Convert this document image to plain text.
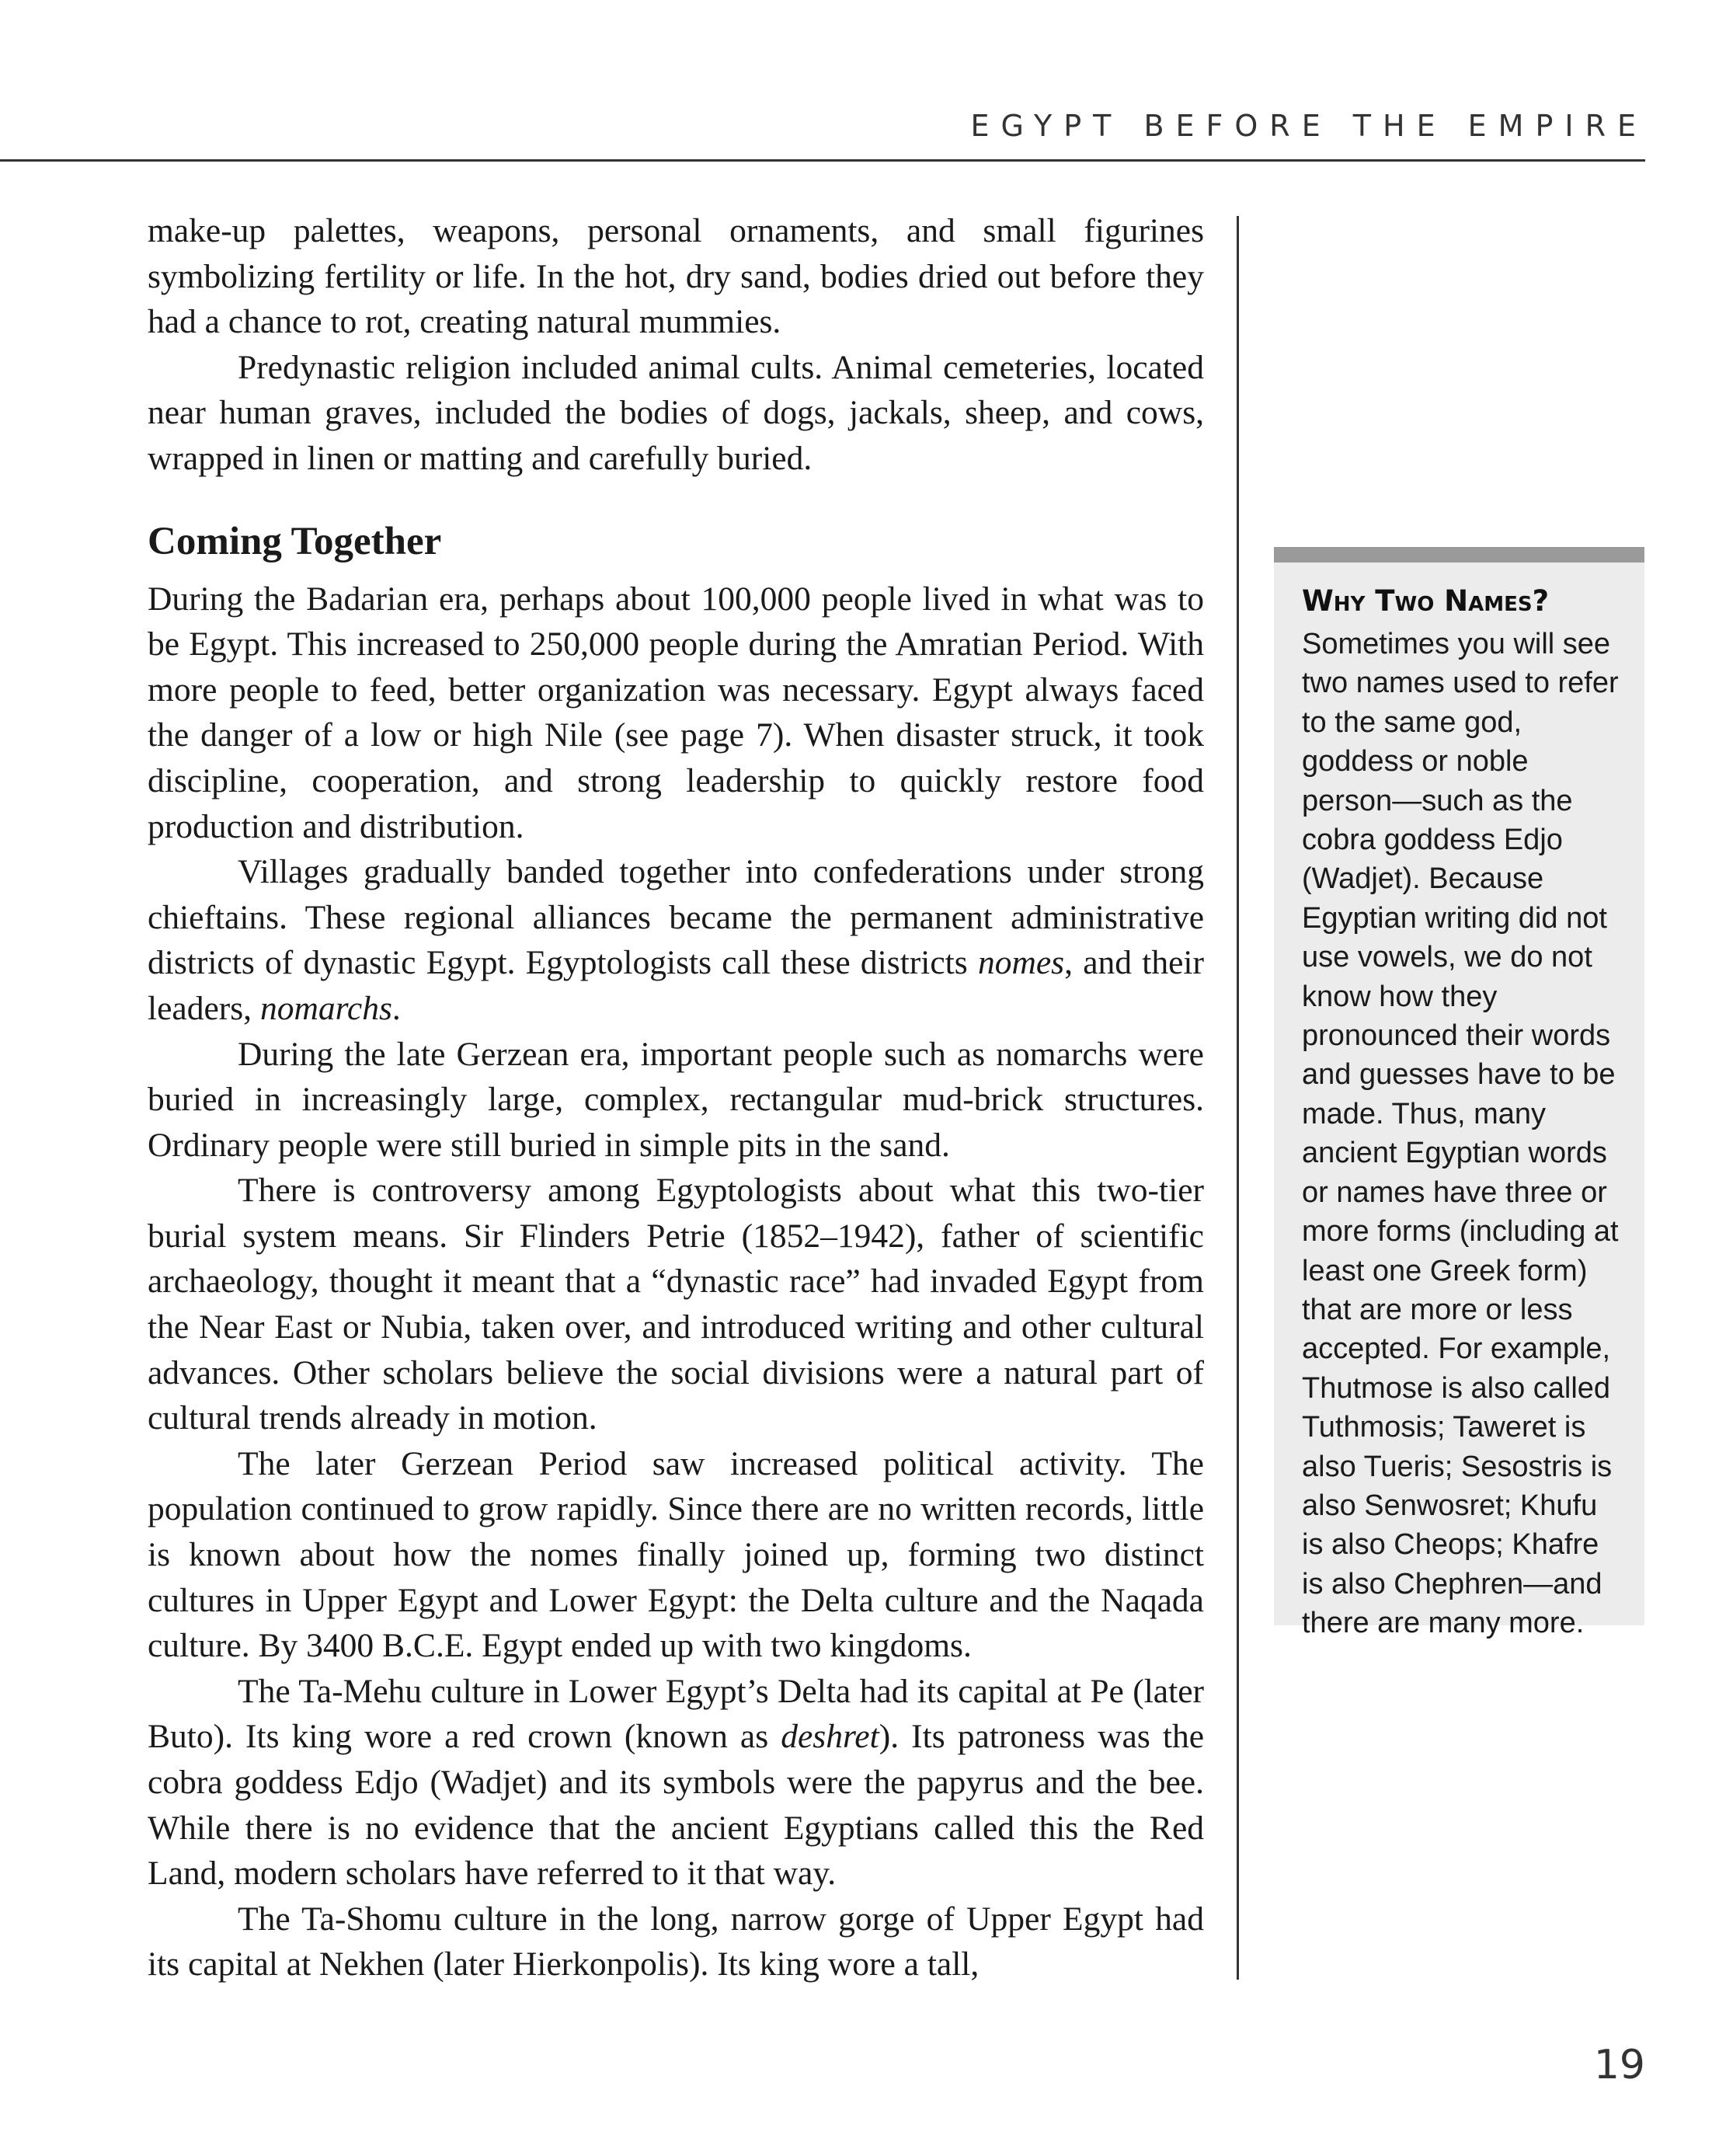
EGYPT BEFORE THE EMPIRE

make-up palettes, weapons, personal ornaments, and small figurines symbolizing fertility or life. In the hot, dry sand, bodies dried out before they had a chance to rot, creating natural mummies.

Predynastic religion included animal cults. Animal cemeteries, located near human graves, included the bodies of dogs, jackals, sheep, and cows, wrapped in linen or matting and carefully buried.

Coming Together

During the Badarian era, perhaps about 100,000 people lived in what was to be Egypt. This increased to 250,000 people during the Amratian Period. With more people to feed, better organization was necessary. Egypt always faced the danger of a low or high Nile (see page 7). When disaster struck, it took discipline, cooperation, and strong leadership to quickly restore food production and distribution.

Villages gradually banded together into confederations under strong chieftains. These regional alliances became the permanent administrative districts of dynastic Egypt. Egyptologists call these districts nomes, and their leaders, nomarchs.

During the late Gerzean era, important people such as nomarchs were buried in increasingly large, complex, rectangular mud-brick structures. Ordinary people were still buried in simple pits in the sand.

There is controversy among Egyptologists about what this two-tier burial system means. Sir Flinders Petrie (1852–1942), father of scientific archaeology, thought it meant that a “dynastic race” had invaded Egypt from the Near East or Nubia, taken over, and introduced writing and other cultural advances. Other scholars believe the social divisions were a natural part of cultural trends already in motion.

The later Gerzean Period saw increased political activity. The population continued to grow rapidly. Since there are no written records, little is known about how the nomes finally joined up, forming two distinct cultures in Upper Egypt and Lower Egypt: the Delta culture and the Naqada culture. By 3400 B.C.E. Egypt ended up with two kingdoms.

The Ta-Mehu culture in Lower Egypt’s Delta had its capital at Pe (later Buto). Its king wore a red crown (known as deshret). Its patroness was the cobra goddess Edjo (Wadjet) and its symbols were the papyrus and the bee. While there is no evidence that the ancient Egyptians called this the Red Land, modern scholars have referred to it that way.

The Ta-Shomu culture in the long, narrow gorge of Upper Egypt had its capital at Nekhen (later Hierkonpolis). Its king wore a tall,

Why Two Names?
Sometimes you will see two names used to refer to the same god, goddess or noble person—such as the cobra goddess Edjo (Wadjet). Because Egyptian writing did not use vowels, we do not know how they pronounced their words and guesses have to be made. Thus, many ancient Egyptian words or names have three or more forms (including at least one Greek form) that are more or less accepted. For example, Thutmose is also called Tuthmosis; Taweret is also Tueris; Sesostris is also Senwosret; Khufu is also Cheops; Khafre is also Chephren—and there are many more.
19
